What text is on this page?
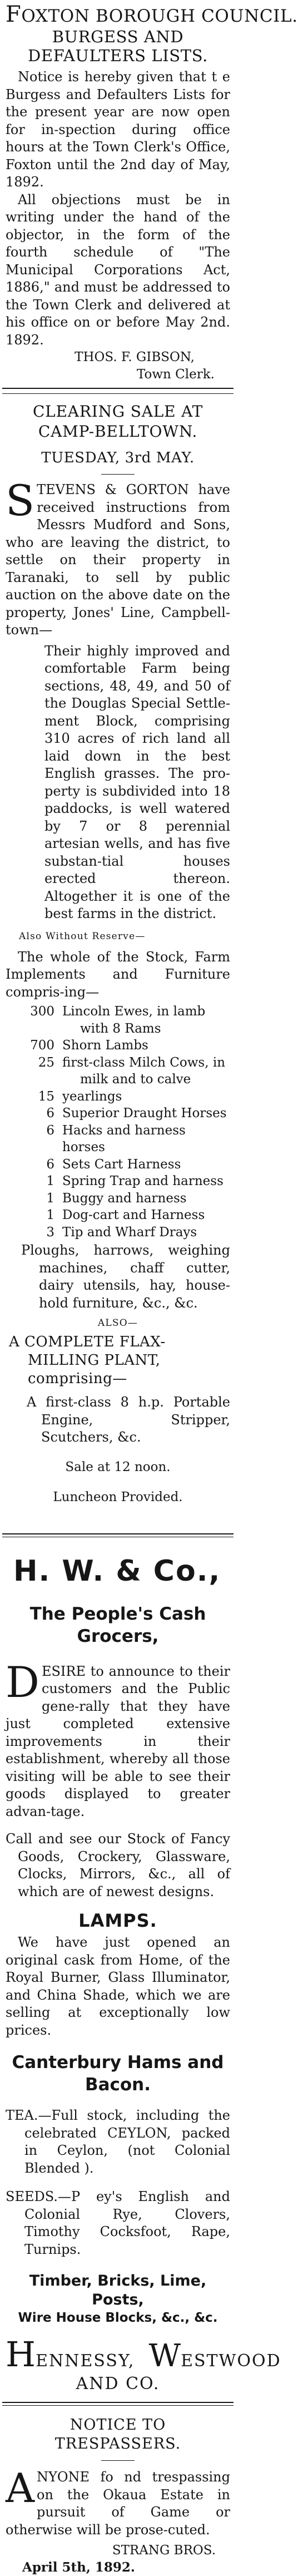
FOXTON BOROUGH COUNCIL.
BURGESS AND DEFAULTERS LISTS.

Notice is hereby given that t e Burgess and Defaulters Lists for the present year are now open for in-spection during office hours at the Town Clerk's Office, Foxton until the 2nd day of May, 1892.

All objections must be in writing under the hand of the objector, in the form of the fourth schedule of "The Municipal Corporations Act, 1886," and must be addressed to the Town Clerk and delivered at his office on or before May 2nd. 1892.

THOS. F. GIBSON,
Town Clerk.
CLEARING SALE AT CAMP-BELLTOWN.
TUESDAY, 3rd MAY.

STEVENS & GORTON have received instructions from Messrs Mudford and Sons, who are leaving the district, to settle on their property in Taranaki, to sell by public auction on the above date on the property, Jones' Line, Campbell-town—

Their highly improved and comfortable Farm being sections, 48, 49, and 50 of the Douglas Special Settle-ment Block, comprising 310 acres of rich land all laid down in the best English grasses. The pro-perty is subdivided into 18 paddocks, is well watered by 7 or 8 perennial artesian wells, and has five substan-tial houses erected thereon. Altogether it is one of the best farms in the district.

Also Without Reserve—

The whole of the Stock, Farm Implements and Furniture compris-ing—

300 Lincoln Ewes, in lamb with 8 Rams
700 Shorn Lambs
25 first-class Milch Cows, in milk and to calve
15 yearlings
6 Superior Draught Horses
6 Hacks and harness horses
6 Sets Cart Harness
1 Spring Trap and harness
1 Buggy and harness
1 Dog-cart and Harness
3 Tip and Wharf Drays

Ploughs, harrows, weighing machines, chaff cutter, dairy utensils, hay, house-hold furniture, &c., &c.

ALSO—
A COMPLETE FLAX-MILLING PLANT, comprising—

A first-class 8 h.p. Portable Engine, Stripper, Scutchers, &c.

Sale at 12 noon.
Luncheon Provided.
H. W. & Co.,
The People's Cash Grocers,

DESIRE to announce to their customers and the Public gene-rally that they have just completed extensive improvements in their establishment, whereby all those visiting will be able to see their goods displayed to greater advan-tage.

Call and see our Stock of Fancy Goods, Crockery, Glassware, Clocks, Mirrors, &c., all of which are of newest designs.

LAMPS.

We have just opened an original cask from Home, of the Royal Burner, Glass Illuminator, and China Shade, which we are selling at exceptionally low prices.

Canterbury Hams and Bacon.

TEA.—Full stock, including the celebrated CEYLON, packed in Ceylon, (not Colonial Blended ).

SEEDS.—P ey's English and Colonial Rye, Clovers, Timothy Cocksfoot, Rape, Turnips.

Timber, Bricks, Lime, Posts,
Wire House Blocks, &c., &c.
HENNESSY, WESTWOOD
AND CO.
NOTICE TO TRESPASSERS.

ANYONE fo nd trespassing on the Okaua Estate in pursuit of Game or otherwise will be prose-cuted.

STRANG BROS.
April 5th, 1892.
